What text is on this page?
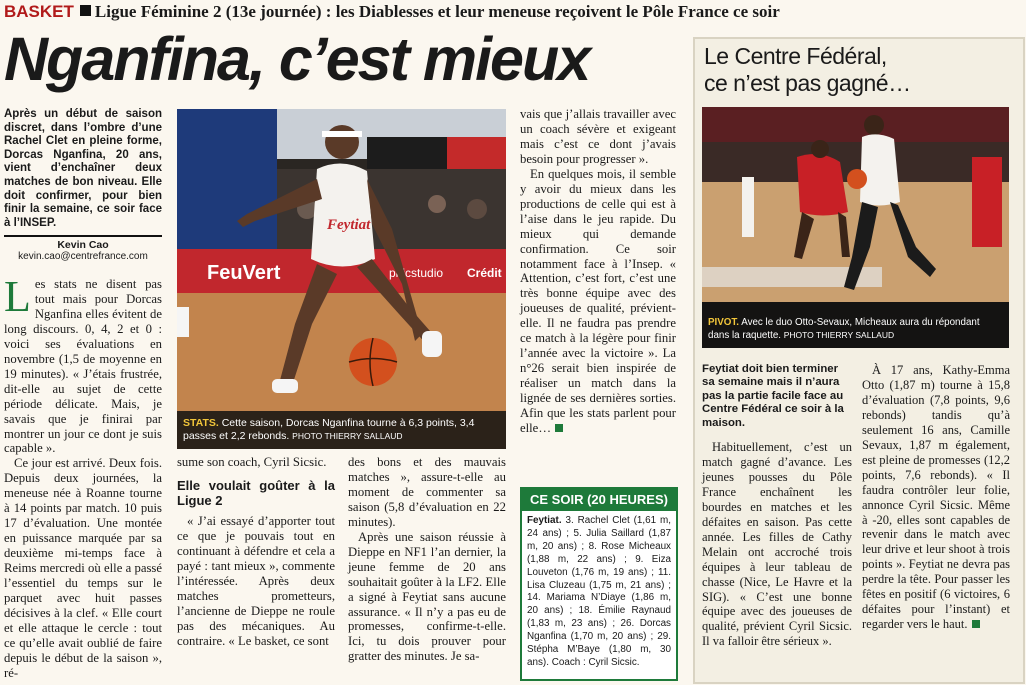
BASKET Ligue Féminine 2 (13e journée) : les Diablesses et leur meneuse reçoivent le Pôle France ce soir
Nganfina, c’est mieux
Après un début de saison discret, dans l’ombre d’une Rachel Clet en pleine forme, Dorcas Nganfina, 20 ans, vient d’enchaîner deux matches de bon niveau. Elle doit confirmer, pour bien finir la semaine, ce soir face à l’INSEP.
Kevin Cao
kevin.cao@centrefrance.com
L es stats ne disent pas tout mais pour Dorcas Nganfina elles évitent de long discours. 0, 4, 2 et 0 : voici ses évaluations en novembre (1,5 de moyenne en 19 minutes). « J’étais frustrée, dit-elle au sujet de cette période délicate. Mais, je savais que je finirai par montrer un jour ce dont je suis capable ».

Ce jour est arrivé. Deux fois. Depuis deux journées, la meneuse née à Roanne tourne à 14 points par match. 10 puis 17 d’évaluation. Une montée en puissance marquée par sa deuxième mi-temps face à Reims mercredi où elle a passé l’essentiel du temps sur le parquet avec huit passes décisives à la clef. « Elle court et elle attaque le cercle : tout ce qu’elle avait oublié de faire depuis le début de la saison », ré-

FeuVert	phicstudio Crédit
Feytiat
STATS. Cette saison, Dorcas Nganfina tourne à 6,3 points, 3,4 passes et 2,2 rebonds. PHOTO THIERRY SALLAUD

sume son coach, Cyril Sicsic.

Elle voulait goûter à la Ligue 2

« J’ai essayé d’apporter tout ce que je pouvais tout en continuant à défendre et cela a payé : tant mieux », commente l’intéressée. Après deux matches prometteurs, l’ancienne de Dieppe ne roule pas des mécaniques. Au contraire. « Le basket, ce sont

des bons et des mauvais matches », assure-t-elle au moment de commenter sa saison (5,8 d’évaluation en 22 minutes).

Après une saison réussie à Dieppe en NF1 l’an dernier, la jeune femme de 20 ans souhaitait goûter à la LF2. Elle a signé à Feytiat sans aucune assurance. « Il n’y a pas eu de promesses, confirme-t-elle. Ici, tu dois prouver pour gratter des minutes. Je sa-

vais que j’allais travailler avec un coach sévère et exigeant mais c’est ce dont j’avais besoin pour progresser ».

En quelques mois, il semble y avoir du mieux dans les productions de celle qui est à l’aise dans le jeu rapide. Du mieux qui demande confirmation. Ce soir notamment face à l’Insep. « Attention, c’est fort, c’est une très bonne équipe avec des joueuses de qualité, prévient-elle. Il ne faudra pas prendre ce match à la légère pour finir l’année avec la victoire ». La n°26 serait bien inspirée de réaliser un match dans la lignée de ses dernières sorties. Afin que les stats parlent pour elle…

CE SOIR (20 HEURES)
Feytiat. 3. Rachel Clet (1,61 m, 24 ans) ; 5. Julia Saillard (1,87 m, 20 ans) ; 8. Rose Micheaux (1,88 m, 22 ans) ; 9. Eiza Louveton (1,76 m, 19 ans) ; 11. Lisa Cluzeau (1,75 m, 21 ans) ; 14. Mariama N’Diaye (1,86 m, 20 ans) ; 18. Émilie Raynaud (1,83 m, 23 ans) ; 26. Dorcas Nganfina (1,70 m, 20 ans) ; 29. Stépha M’Baye (1,80 m, 30 ans). Coach : Cyril Sicsic.
Le Centre Fédéral,
ce n’est pas gagné…
PIVOT. Avec le duo Otto-Sevaux, Micheaux aura du répondant dans la raquette. PHOTO THIERRY SALLAUD
Feytiat doit bien terminer sa semaine mais il n’aura pas la partie facile face au Centre Fédéral ce soir à la maison.

Habituellement, c’est un match gagné d’avance. Les jeunes pousses du Pôle France enchaînent les bourdes en matches et les défaites en saison. Pas cette année. Les filles de Cathy Melain ont accroché trois équipes à leur tableau de chasse (Nice, Le Havre et la SIG). « C’est une bonne équipe avec des joueuses de qualité, prévient Cyril Sicsic. Il va falloir être sérieux ».

À 17 ans, Kathy-Emma Otto (1,87 m) tourne à 15,8 d’évaluation (7,8 points, 9,6 rebonds) tandis qu’à seulement 16 ans, Camille Sevaux, 1,87 m également, est pleine de promesses (12,2 points, 7,6 rebonds). « Il faudra contrôler leur folie, annonce Cyril Sicsic. Même à -20, elles sont capables de revenir dans le match avec leur drive et leur shoot à trois points ». Feytiat ne devra pas perdre la tête. Pour passer les fêtes en positif (6 victoires, 6 défaites pour l’instant) et regarder vers le haut.
